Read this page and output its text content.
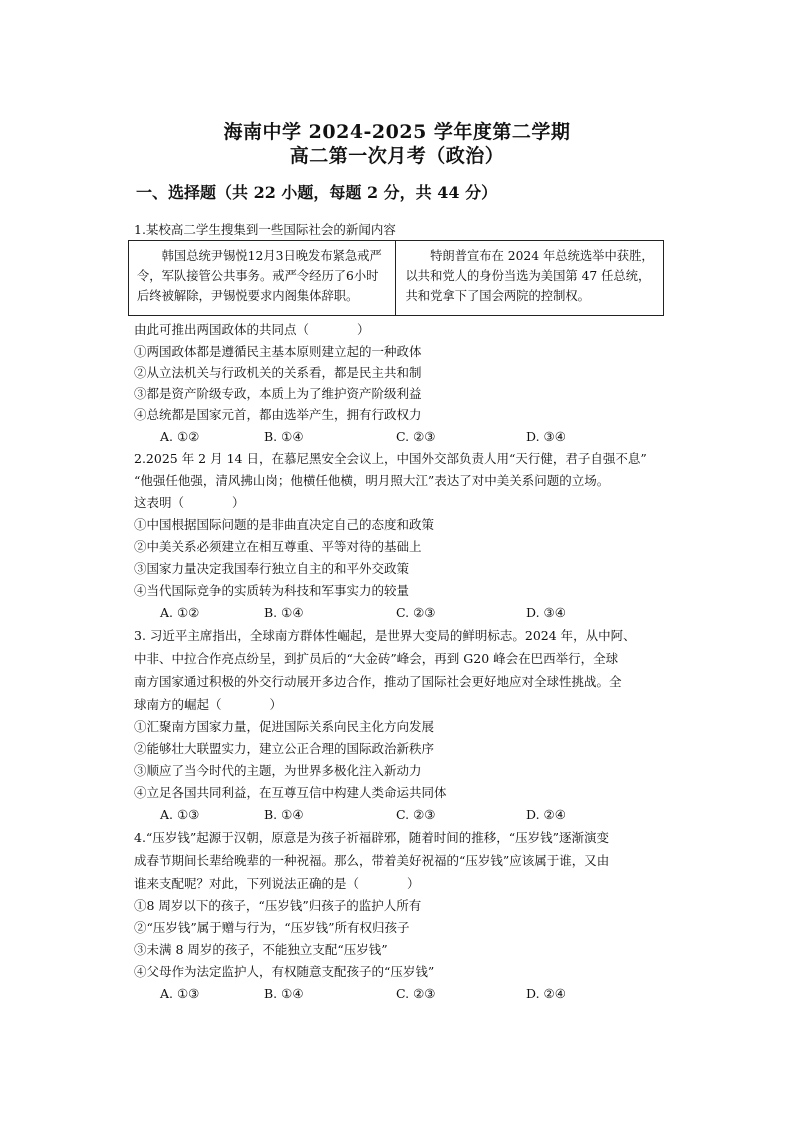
海南中学 2024-2025 学年度第二学期
高二第一次月考（政治）
一、选择题（共 22 小题，每题 2 分，共 44 分）
1.某校高二学生搜集到一些国际社会的新闻内容
韩国总统尹锡悦12月3日晚发布紧急戒严令，军队接管公共事务。戒严令经历了6小时后终被解除，尹锡悦要求内阁集体辞职。
特朗普宣布在 2024 年总统选举中获胜，以共和党人的身份当选为美国第 47 任总统，共和党拿下了国会两院的控制权。
由此可推出两国政体的共同点（	）
①两国政体都是遵循民主基本原则建立起的一种政体
②从立法机关与行政机关的关系看，都是民主共和制
③都是资产阶级专政，本质上为了维护资产阶级利益
④总统都是国家元首，都由选举产生，拥有行政权力
A. ①②	B. ①④	C. ②③	D. ③④
2.2025 年 2 月 14 日，在慕尼黑安全会议上，中国外交部负责人用“天行健，君子自强不息”
“他强任他强，清风拂山岗；他横任他横，明月照大江”表达了对中美关系问题的立场。
这表明（	）
①中国根据国际问题的是非曲直决定自己的态度和政策
②中美关系必须建立在相互尊重、平等对待的基础上
③国家力量决定我国奉行独立自主的和平外交政策
④当代国际竞争的实质转为科技和军事实力的较量
A. ①②	B. ①④	C. ②③	D. ③④
3. 习近平主席指出，全球南方群体性崛起，是世界大变局的鲜明标志。2024 年，从中阿、
中非、中拉合作亮点纷呈，到扩员后的“大金砖”峰会，再到 G20 峰会在巴西举行，全球
南方国家通过积极的外交行动展开多边合作，推动了国际社会更好地应对全球性挑战。全
球南方的崛起（	）
①汇聚南方国家力量，促进国际关系向民主化方向发展
②能够壮大联盟实力，建立公正合理的国际政治新秩序
③顺应了当今时代的主题，为世界多极化注入新动力
④立足各国共同利益，在互尊互信中构建人类命运共同体
A. ①③	B. ①④	C. ②③	D. ②④
4.“压岁钱”起源于汉朝，原意是为孩子祈福辟邪，随着时间的推移，“压岁钱”逐渐演变
成春节期间长辈给晚辈的一种祝福。那么，带着美好祝福的“压岁钱”应该属于谁，又由
谁来支配呢？对此，下列说法正确的是（	）
①8 周岁以下的孩子，“压岁钱”归孩子的监护人所有
②“压岁钱”属于赠与行为，“压岁钱”所有权归孩子
③未满 8 周岁的孩子，不能独立支配“压岁钱”
④父母作为法定监护人，有权随意支配孩子的“压岁钱”
A. ①③	B. ①④	C. ②③	D. ②④
